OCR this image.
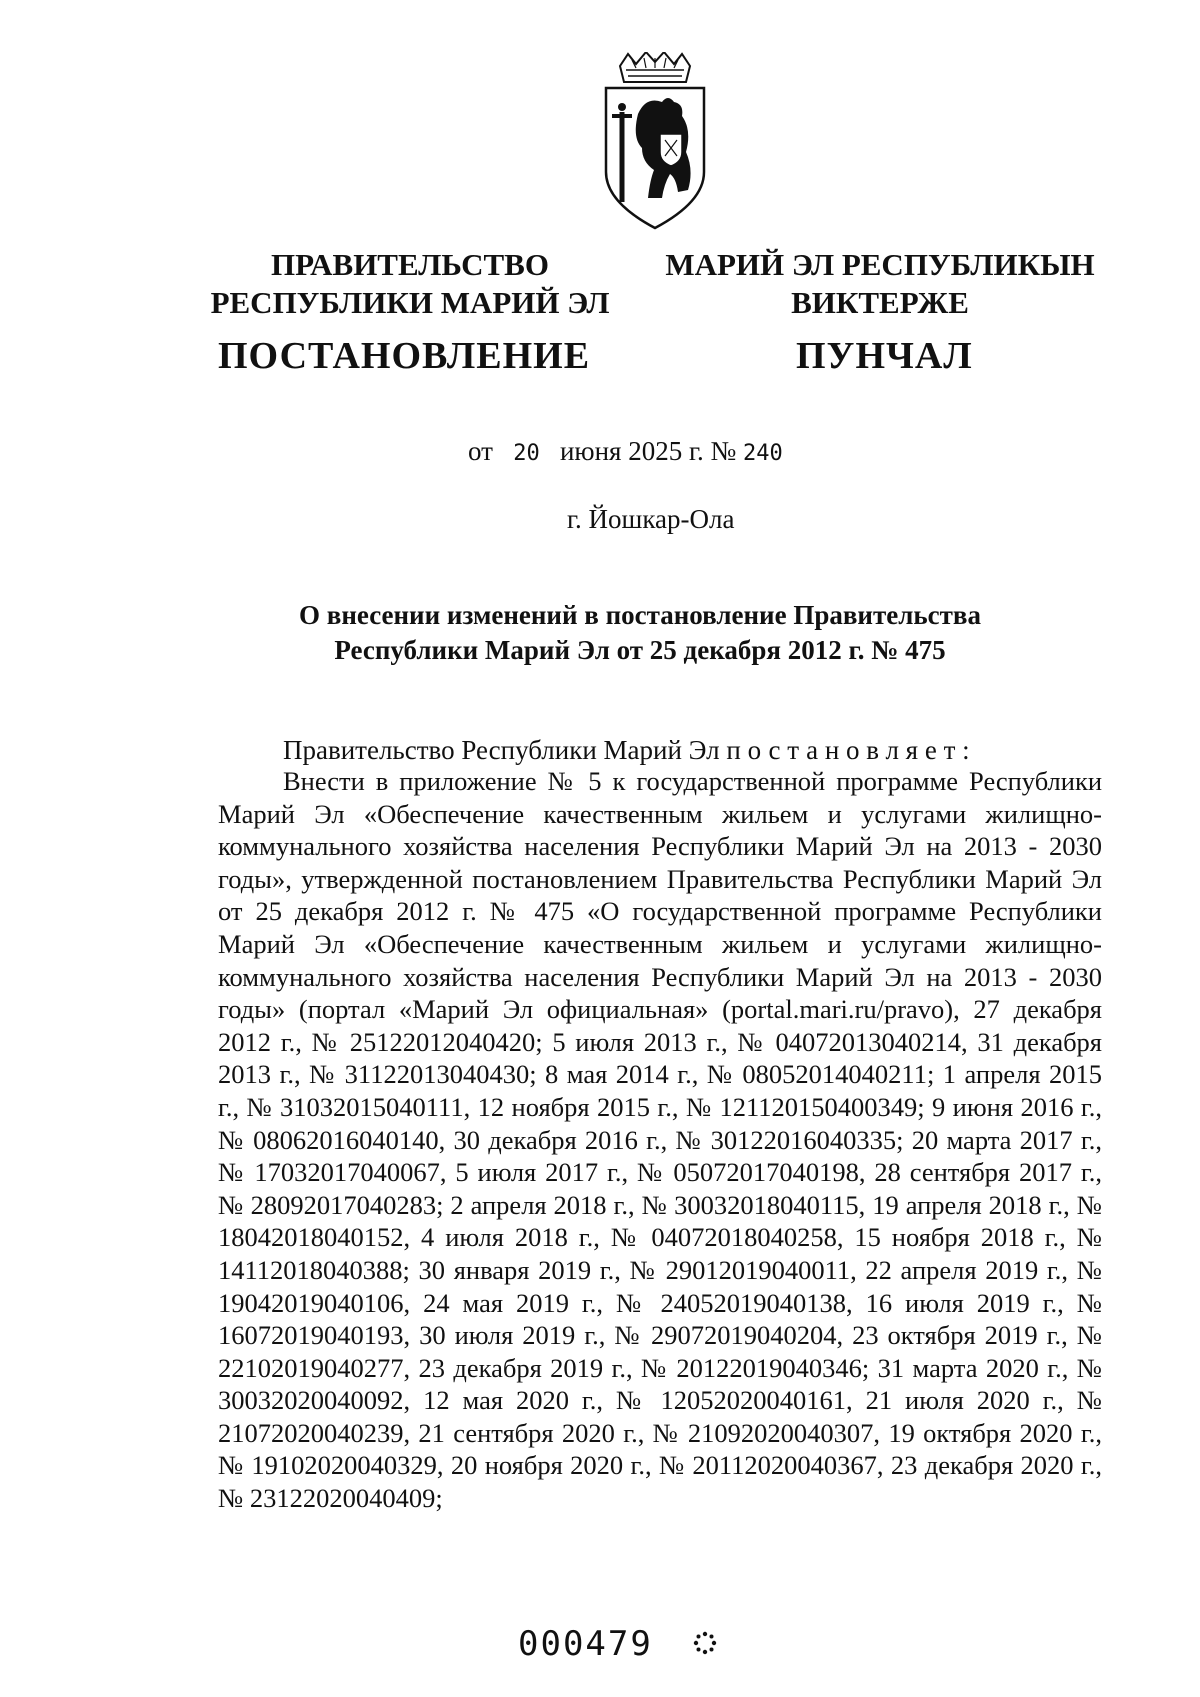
ПРАВИТЕЛЬСТВО
РЕСПУБЛИКИ МАРИЙ ЭЛ
МАРИЙ ЭЛ РЕСПУБЛИКЫН
ВИКТЕРЖЕ
ПОСТАНОВЛЕНИЕ	ПУНЧАЛ
от 20 июня 2025 г. № 240
г. Йошкар-Ола
О внесении изменений в постановление Правительства
Республики Марий Эл от 25 декабря 2012 г. № 475
Правительство Республики Марий Эл постановляет:

Внести в приложение № 5 к государственной программе Республики Марий Эл «Обеспечение качественным жильем и услугами жилищно-коммунального хозяйства населения Республики Марий Эл на 2013 - 2030 годы», утвержденной постановлением Правительства Республики Марий Эл от 25 декабря 2012 г. № 475 «О государственной программе Республики Марий Эл «Обеспечение качественным жильем и услугами жилищно-коммунального хозяйства населения Республики Марий Эл на 2013 - 2030 годы» (портал «Марий Эл официальная» (portal.mari.ru/pravo), 27 декабря 2012 г., № 25122012040420; 5 июля 2013 г., № 04072013040214, 31 декабря 2013 г., № 31122013040430; 8 мая 2014 г., № 08052014040211; 1 апреля 2015 г., № 31032015040111, 12 ноября 2015 г., № 121120150400349; 9 июня 2016 г., № 08062016040140, 30 декабря 2016 г., № 30122016040335; 20 марта 2017 г., № 17032017040067, 5 июля 2017 г., № 05072017040198, 28 сентября 2017 г., № 28092017040283; 2 апреля 2018 г., № 30032018040115, 19 апреля 2018 г., № 18042018040152, 4 июля 2018 г., № 04072018040258, 15 ноября 2018 г., № 14112018040388; 30 января 2019 г., № 29012019040011, 22 апреля 2019 г., № 19042019040106, 24 мая 2019 г., № 24052019040138, 16 июля 2019 г., № 16072019040193, 30 июля 2019 г., № 29072019040204, 23 октября 2019 г., № 22102019040277, 23 декабря 2019 г., № 20122019040346; 31 марта 2020 г., № 30032020040092, 12 мая 2020 г., № 12052020040161, 21 июля 2020 г., № 21072020040239, 21 сентября 2020 г., № 21092020040307, 19 октября 2020 г., № 19102020040329, 20 ноября 2020 г., № 20112020040367, 23 декабря 2020 г., № 23122020040409;

000479
